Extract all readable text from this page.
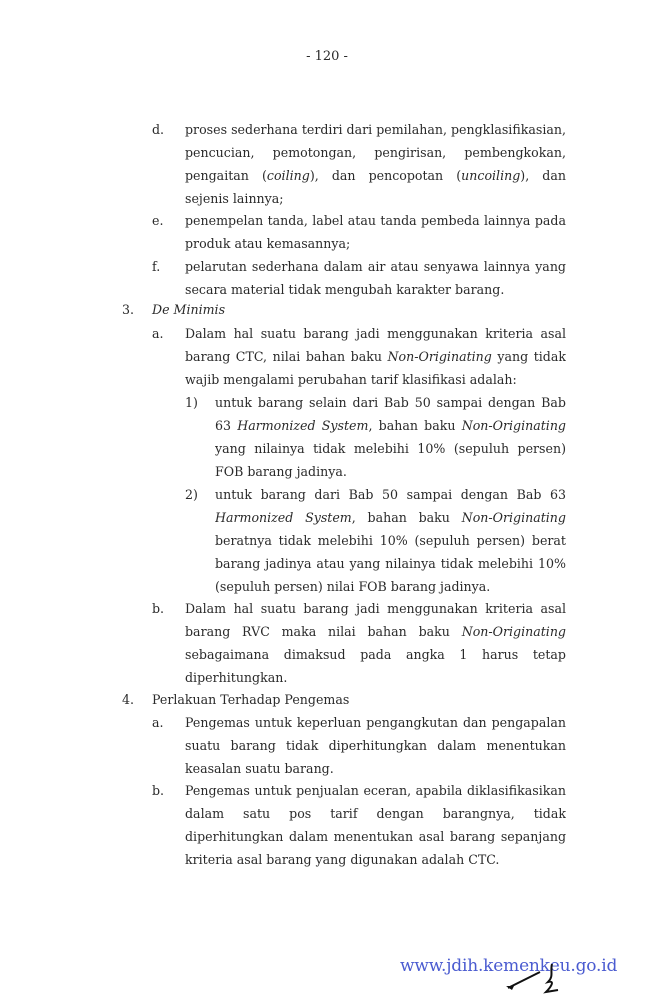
- 120 -
d. proses sederhana terdiri dari pemilahan, pengklasifikasian,
pencucian, pemotongan, pengirisan, pembengkokan,
pengaitan (coiling), dan pencopotan (uncoiling), dan
sejenis lainnya;
e. penempelan tanda, label atau tanda pembeda lainnya pada
produk atau kemasannya;
f. pelarutan sederhana dalam air atau senyawa lainnya yang
secara material tidak mengubah karakter barang.
3. De Minimis
a. Dalam hal suatu barang jadi menggunakan kriteria asal
barang CTC, nilai bahan baku Non-Originating yang tidak
wajib mengalami perubahan tarif klasifikasi adalah:
1) untuk barang selain dari Bab 50 sampai dengan Bab
63 Harmonized System, bahan baku Non-Originating
yang nilainya tidak melebihi 10% (sepuluh persen)
FOB barang jadinya.
2) untuk barang dari Bab 50 sampai dengan Bab 63
Harmonized System, bahan baku Non-Originating
beratnya tidak melebihi 10% (sepuluh persen) berat
barang jadinya atau yang nilainya tidak melebihi 10%
(sepuluh persen) nilai FOB barang jadinya.
b. Dalam hal suatu barang jadi menggunakan kriteria asal
barang RVC maka nilai bahan baku Non-Originating
sebagaimana dimaksud pada angka 1 harus tetap
diperhitungkan.
4. Perlakuan Terhadap Pengemas
a. Pengemas untuk keperluan pengangkutan dan pengapalan
suatu barang tidak diperhitungkan dalam menentukan
keasalan suatu barang.
b. Pengemas untuk penjualan eceran, apabila diklasifikasikan
dalam satu pos tarif dengan barangnya, tidak
diperhitungkan dalam menentukan asal barang sepanjang
kriteria asal barang yang digunakan adalah CTC.
www.jdih.kemenkeu.go.id
